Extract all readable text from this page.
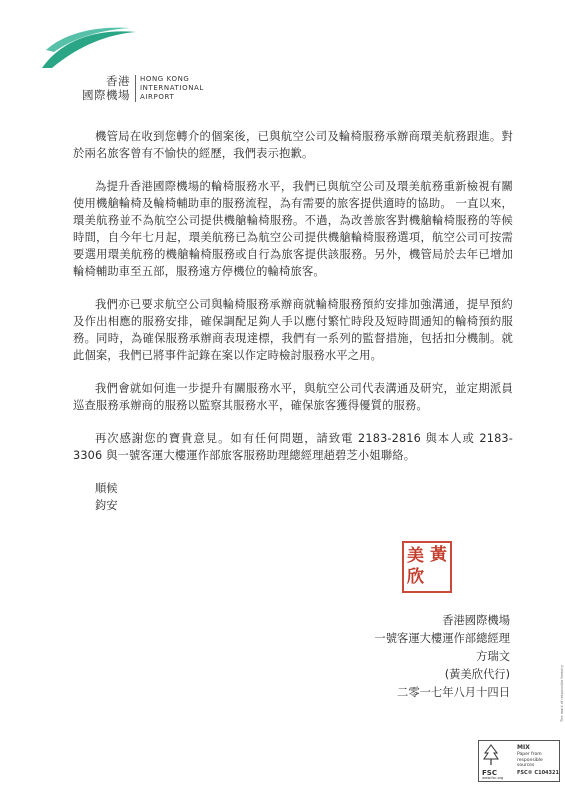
香港
國際機場
HONG KONG
INTERNATIONAL
AIRPORT

機管局在收到您轉介的個案後，已與航空公司及輪椅服務承辦商環美航務跟進。對於兩名旅客曾有不愉快的經歷，我們表示抱歉。

為提升香港國際機場的輪椅服務水平，我們已與航空公司及環美航務重新檢視有關使用機艙輪椅及輪椅輔助車的服務流程，為有需要的旅客提供適時的協助。 一直以來，環美航務並不為航空公司提供機艙輪椅服務。不過，為改善旅客對機艙輪椅服務的等候時間，自今年七月起，環美航務已為航空公司提供機艙輪椅服務選項，航空公司可按需要選用環美航務的機艙輪椅服務或自行為旅客提供該服務。另外，機管局於去年已增加輪椅輔助車至五部，服務遠方停機位的輪椅旅客。

我們亦已要求航空公司與輪椅服務承辦商就輪椅服務預約安排加強溝通，提早預約及作出相應的服務安排，確保調配足夠人手以應付繁忙時段及短時間通知的輪椅預約服務。同時，為確保服務承辦商表現達標，我們有一系列的監督措施，包括扣分機制。就此個案，我們已將事件記錄在案以作定時檢討服務水平之用。

我們會就如何進一步提升有關服務水平，與航空公司代表溝通及研究，並定期派員巡查服務承辦商的服務以監察其服務水平，確保旅客獲得優質的服務。

再次感謝您的寶貴意見。如有任何問題，請致電 2183-2816 與本人或 2183-3306 與一號客運大樓運作部旅客服務助理總經理趙碧芝小姐聯絡。

順候

鈞安

黃
美
欣
香港國際機場
一號客運大樓運作部總經理
方瑞文
(黃美欣代行)
二零一七年八月十四日
FSC
www.fsc.org
MIX
Paper from responsible sources
FSC® C104321
The mark of responsible forestry
